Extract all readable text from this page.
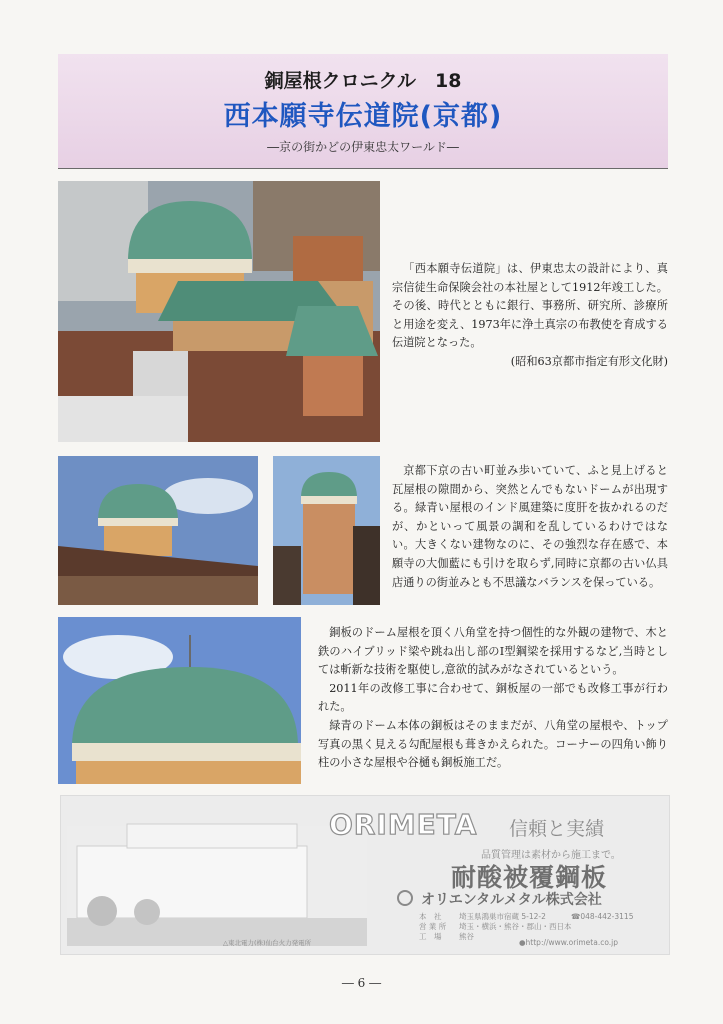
銅屋根クロニクル　18
西本願寺伝道院(京都)
―京の街かどの伊東忠太ワールド―
「西本願寺伝道院」は、伊東忠太の設計により、真宗信徒生命保険会社の本社屋として1912年竣工した。その後、時代とともに銀行、事務所、研究所、診療所と用途を変え、1973年に浄土真宗の布教使を育成する伝道院となった。
(昭和63京都市指定有形文化財)
京都下京の古い町並み歩いていて、ふと見上げると瓦屋根の隙間から、突然とんでもないドームが出現する。緑青い屋根のインド風建築に度肝を抜かれるのだが、かといって風景の調和を乱しているわけではない。大きくない建物なのに、その強烈な存在感で、本願寺の大伽藍にも引けを取らず,同時に京都の古い仏具店通りの街並みとも不思議なバランスを保っている。

銅板のドーム屋根を頂く八角堂を持つ個性的な外観の建物で、木と鉄のハイブリッド梁や跳ね出し部のI型鋼梁を採用するなど,当時としては斬新な技術を駆使し,意欲的試みがなされているという。

2011年の改修工事に合わせて、銅板屋の一部でも改修工事が行われた。

緑青のドーム本体の銅板はそのままだが、八角堂の屋根や、トップ写真の黒く見える勾配屋根も葺きかえられた。コーナーの四角い飾り柱の小さな屋根や谷樋も銅板施工だ。

ORIMETA 信頼と実績
品質管理は素材から施工まで。
耐酸被覆鋼板
オリエンタルメタル株式会社
本　社 埼玉県鴻巣市宿蔵 5-12-2
営 業 所 埼玉・横浜・熊谷・郡山・西日本
工　場 熊谷
☎048-442-3115
●http://www.orimeta.co.jp
△東北電力(株)仙台火力発電所
― 6 ―
